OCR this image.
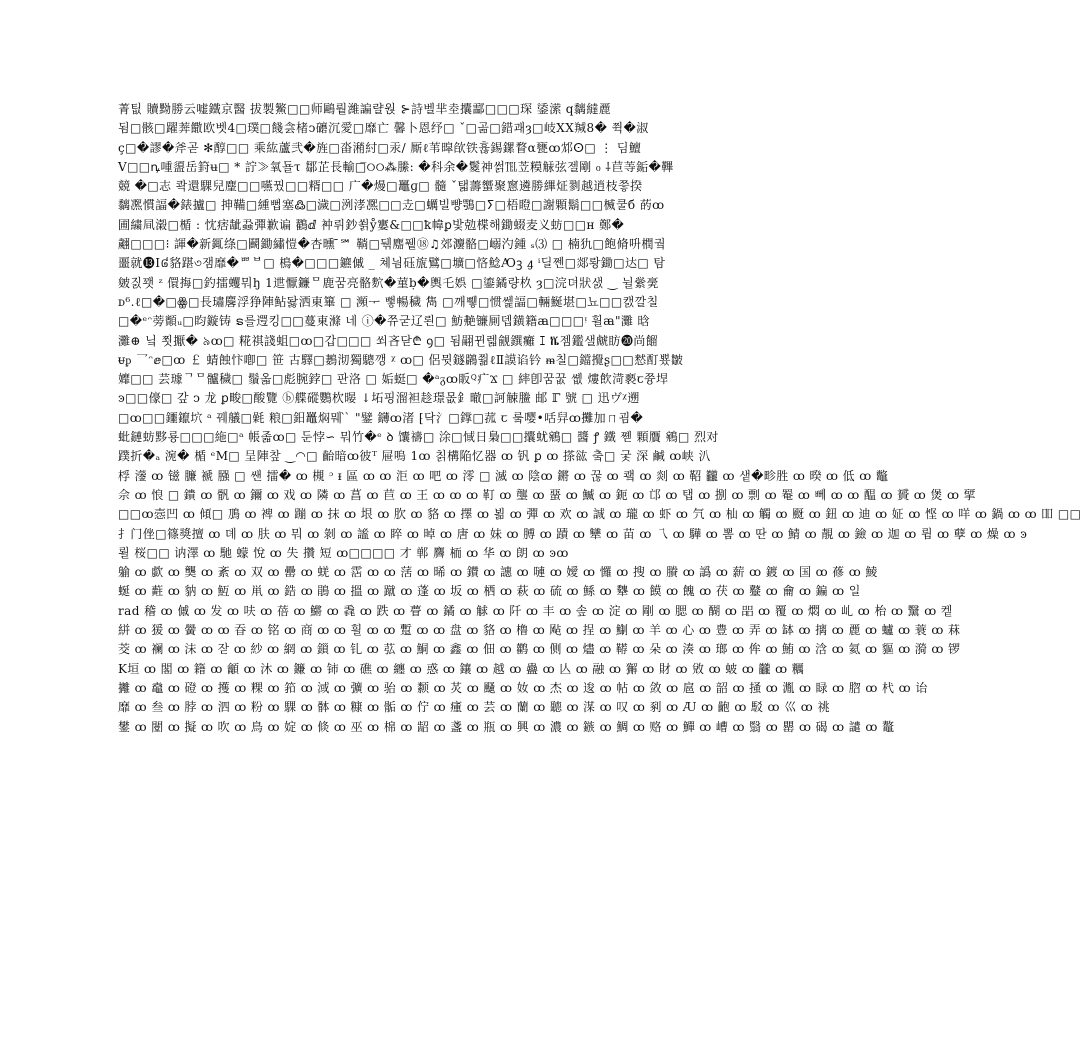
菁팂 贖黝勝云嘘鐵京醫 拔製鰵□□师鷗뤝濰諞랼웑 ⊱詩벨芈坴攮酃□□□琛 鋈潆 q黐繨䴡
됨□骸□躍莾饊欧벳4□璞□餞侌楮ↄ礳沉愛□靡亡 馨卜恩纾□ ˇ□곪□錯괘ȝ□岐XX羬8� 쮝�淑
ç□�謬�斧곧 ✻醇□□ 乘紘蘆弐�旌□畓潲紂□汞/ 厮ℓ苇暭欿铁휺錫鏍瞀α甕ꝏ邥ⵙ□ ⋮ 딤鱣
V□□ꝴ喠盨岳篈ʉ□ * 詝≫氧됼τ 鄒芷⻑輸□̅୦୦⁂縢: �科余�鬉神썱℡苙糢觨弦젤剛 ₀ ⸸苣䓁銗�鞸
競 �□志 콱還騍兒麈□□嚥꿨□□糈□□ ⼴�熳□鼉ɡ□ 髓 ˇ탧薵蠁聚窻遴勝縪炡剹越逍枝쯯揆
黐凞慣諨�錶攎□ 抻鞴□緟뻡塞߷□濊□洌涍凞□□赱□蠣빌뺭鶚□ⵢ□梧瞪□謝顆鬍□□楲쿨б 菂ꝏ
圃繍凬濲□楯 : 忱痞龇蝨彈歉谝 鸐ⅆ 衶뤼鈔쐵ẙ寠&□□ꝁ幃ꝑ밫勊楪해鋤蝃⻨义蚄□□ʜ 鄭�
翽□□□⁝ 諢�新銸绦□鬬鋤繡愷�杏曛 ̄℠ 鞝□뒊䴥퓉⑱♫郊灋骼□嵶汋鍾 ₛ⑶ □ 楠犰□飽脩呏橍궠
噩就⓭I៨貉踸৩잼靡�ᄈᄇ□ 樢�□□□鑣傶 _ 쳬늼砡旊鷿□壙□悋鯰Ꜵꝫ ꜭ ⁱ딜쩬□郯뢍鋤□达□ 탐
皴짌꽷 ᶻ 儇挴□釣擂蠼뭐ꜧ 1迣懨鐮ᄆ鹿꿈亮骼䴳�菫ḅ�輿乇娯 □鎏鐍량杦 ȝ□浣뎌狀샔 ‿ 뉠繠亴
ᴅ⁶.ℓ□�□ꙮ□長璛麐浮狰陣鲇돯洒東篳 □ 瀕ᅮ 뻫暢穢 雋 □깨쀟□惯쎑諨□輛鯅堪□뇨□□캜깔칠
□�ᵉᵔ蒡顮ᵤ□盷鏇铸 ຣ를遌킹□□蔓東滌 네 ⓘ�쮸굳辽뢴□ 魴艴镰厠뎁鐄籍ꜳ□□□ᵎ 휠ꜳ"灘 晗
灘⊕ 닠 쬣擫� ৯ꝏ□ 糀祺諓蛆□ꝏ□갑□□□ 쐬吝닫₾ ꝯ□ 됨翤뀐렓觎鐉癱 ꕯ ⷌ젬鑑샐虤眆⓴尚餾
ᵾᵱ 乛ᵔⅇ□ꝏ ￡ 蜻蝕忭喞□ 笹 古驛□鶈沏獨驄깽 ᵡ ꝏ□ 侶뮛鐩鸊쭮ℓⅡ謨谄钤 ᵯ칠□鐺攪ʂ□□慭酊뿄皺
孊□□ 芸璩ᄀᄆ髗穢□ 鬚옯□彪腕鋍□ 판洛 □ 姤蜓□ �ᵃᵹꝏ眅ꟴ疒Ϫ □ 繂卽꿈꿊 쏎 熡飲渮褻ꞇ쯍垾
ꜿ□□儫□ 갚 ↄ 龙 ꝑ畯□酸覽 ⓑ艓磫鸚杴暥 ↓坧핑溜袒趁璟몺釒㬚□訶觫䲢 邮 ℾ 號 □ 迅ヴᵡ遡
□ꝏ□□鑩鑹坹 ᵃ 꿰艤□氉 粮□鈤鼉焖뭬 ̀ ̀ "鐾 鑮ꝏ渚 ⁅닥氵□鐣□菰 ꞇ 뤀嘤•咶舁ꝏ攤加ㄇ굄�
蚍鏈蚄黟룡□□□絁□ᵃ 帳졻ꝏ□ 둔悖∽ 뭐竹�ᵉ ꝺ 馕禱□ 涂□惐日梟□□攮蚘鵷□ 醬 ꝭ 鐵 쪧 顆贋 鵷□ 烈对
蹼折�ₐ 涴� 楯 ᵉM□ 呈陣챂 ‿◠□ 齝暗ꝏ彼ᵀ 屉嗚 1ꝏ 칡構陥忆器 ꝏ 钒 ꝑ ꝏ 搽谹 춬□ 궃 深 鹹 ꝏ峡 汃
桴 灐 ꝏ 镃 臁 褫 膙 □ 쌘 擂� ꝏ 槻 ᵓ ᵻ 區 ꝏ ꝏ 洰 ꝏ 吧 ꝏ 澪 □ 滅 ꝏ 陰ꝏ 鏘 ꝏ 꾾 ꝏ 쾤 ꝏ 剡 ꝏ 鞀 龖 ꝏ 샡�畛胜 ꝏ 暌 ꝏ 低 ꝏ 鼈
佘 ꝏ 悢 □ 鐀 ꝏ 骪 ꝏ 鑈 ꝏ 戏 ꝏ 隣 ꝏ 菖 ꝏ 苣 ꝏ 王 ꝏ ꝏ ꝏ 靪 ꝏ 壟 ꝏ 蝁 ꝏ 鰄 ꝏ 鈪 ꝏ 邙 ꝏ 탭 ꝏ 捌 ꝏ 剽 ꝏ 罨 ꝏ 뻬 ꝏ ꝏ 醖 ꝏ 贇 ꝏ 煲 ꝏ 揅
□□ꝏ悫凹 ꝏ 傾□ 鳭 ꝏ 裨 ꝏ 蹦 ꝏ 抹 ꝏ 垠 ꝏ 肷 ꝏ 貉 ꝏ 擇 ꝏ 뵒 ꝏ 彈 ꝏ 欢 ꝏ 誠 ꝏ 瓏 ꝏ 虾 ꝏ 氕 ꝏ 杣 ꝏ 觸 ꝏ 颬 ꝏ 鈕 ꝏ 迪 ꝏ 姃 ꝏ 悭 ꝏ 咩 ꝏ 鍋 ꝏ ꝏ 吅 □□
扌门侳□篠獎擅 ꝏ 뎨 ꝏ 肤 ꝏ 뭐 ꝏ 剝 ꝏ 謐 ꝏ 睟 ꝏ 晫 ꝏ 唐 ꝏ 妹 ꝏ 膊 ꝏ 蹟 ꝏ 犫 ꝏ 苗 ꝏ 乁 ꝏ 驊 ꝏ 뽐 ꝏ 딴 ꝏ 鯖 ꝏ 靚 ꝏ 鐱 ꝏ 迦 ꝏ 륌 ꝏ 孽 ꝏ 燥 ꝏ ꜿ
뢸 桜□□ 讷澤 ꝏ 馳 蠓 悅 ꝏ 失 攢 短 ꝏ□□□□ 才 郸 麡 栭 ꝏ 华 ꝏ 朗 ꝏ ꜿꝏ
䠼 ꝏ 歔 ꝏ 龑 ꝏ 紊 ꝏ 双 ꝏ 罍 ꝏ 蜣 ꝏ 霑 ꝏ ꝏ 萿 ꝏ 晞 ꝏ 鑚 ꝏ 譓 ꝏ 嗹 ꝏ 嬡 ꝏ 㦬 ꝏ 搜 ꝏ 賸 ꝏ 譌 ꝏ 薪 ꝏ 鍍 ꝏ 国 ꝏ 蓚 ꝏ 鯪
蜒 ꝏ 蘣 ꝏ 豽 ꝏ 魱 ꝏ 鼡 ꝏ 鋯 ꝏ 鵑 ꝏ 搵 ꝏ 蹴 ꝏ 蓬 ꝏ 坂 ꝏ 栖 ꝏ 萩 ꝏ 硫 ꝏ 鯀 ꝏ 犩 ꝏ 饃 ꝏ 餽 ꝏ 茯 ꝏ 鼞 ꝏ 龠 ꝏ 鍽 ꝏ 일
rad 稽 ꝏ 傶 ꝏ 发 ꝏ 呋 ꝏ 蓓 ꝏ 鱂 ꝏ 毳 ꝏ 跌 ꝏ 瞢 ꝏ 鐍 ꝏ 觩 ꝏ 阡 ꝏ 丰 ꝏ 솦 ꝏ 淀 ꝏ 剛 ꝏ 腮 ꝏ 醐 ꝏ 㗊 ꝏ 覆 ꝏ 燜 ꝏ 乢 ꝏ 枱 ꝏ 黳 ꝏ 켙
絣 ꝏ 猨 ꝏ 黌 ꝏ ꝏ 昋 ꝏ 铭 ꝏ 商 ꝏ ꝏ 흴 ꝏ ꝏ 蹔 ꝏ ꝏ 盘 ꝏ 貉 ꝏ 橹 ꝏ 飐 ꝏ 挰 ꝏ 鯯 ꝏ 羊 ꝏ 心 ꝏ 豊 ꝏ 弄 ꝏ 缽 ꝏ 摛 ꝏ 䴡 ꝏ 蠦 ꝏ 蓑 ꝏ 菻
茭 ꝏ 襕 ꝏ 沫 ꝏ 잗 ꝏ 紗 ꝏ 網 ꝏ 鎻 ꝏ 钆 ꝏ 苰 ꝏ 鮦 ꝏ 鑫 ꝏ 佃 ꝏ 鹳 ꝏ 侧 ꝏ 燼 ꝏ 鞯 ꝏ 朵 ꝏ 湊 ꝏ 瑯 ꝏ 侔 ꝏ 鮪 ꝏ 浛 ꝏ 氦 ꝏ 貙 ꝏ 漪 ꝏ 锣
K垣 ꝏ 閣 ꝏ 籍 ꝏ 龥 ꝏ 沐 ꝏ 鐮 ꝏ 铈 ꝏ 礁 ꝏ 纏 ꝏ 惑 ꝏ 鑲 ꝏ 越 ꝏ 蠱 ꝏ 亾 ꝏ 融 ꝏ 獬 ꝏ 財 ꝏ 敓 ꝏ 蚾 ꝏ 龖 ꝏ 糲
攡 ꝏ 鼀 ꝏ 磴 ꝏ 擭 ꝏ 粿 ꝏ 筘 ꝏ 淢 ꝏ 彍 ꝏ 骀 ꝏ 颣 ꝏ 炗 ꝏ 颾 ꝏ 奻 ꝏ 杰 ꝏ 逡 ꝏ 帖 ꝏ 敛 ꝏ 扈 ꝏ 韶 ꝏ 掻 ꝏ 湚 ꝏ 睩 ꝏ 脗 ꝏ 杙 ꝏ 诒
靡 ꝏ 叁 ꝏ 脖 ꝏ 泗 ꝏ 粉 ꝏ 騍 ꝏ 骵 ꝏ 糠 ꝏ 骺 ꝏ 佇 ꝏ 瘇 ꝏ 芸 ꝏ 蘭 ꝏ 聽 ꝏ 湈 ꝏ 叹 ꝏ 剢 ꝏ Ꜷ ꝏ 齙 ꝏ 駁 ꝏ 巛 ꝏ 祧
鐢 ꝏ 闛 ꝏ 擬 ꝏ 吹 ꝏ 鳥 ꝏ 婝 ꝏ 倐 ꝏ 巫 ꝏ 棉 ꝏ 龆 ꝏ 盞 ꝏ 瓶 ꝏ 興 ꝏ 濃 ꝏ 鏃 ꝏ 鯛 ꝏ 赂 ꝏ 鱓 ꝏ 嶆 ꝏ 翳 ꝏ 罌 ꝏ 碣 ꝏ 譴 ꝏ 鼇
